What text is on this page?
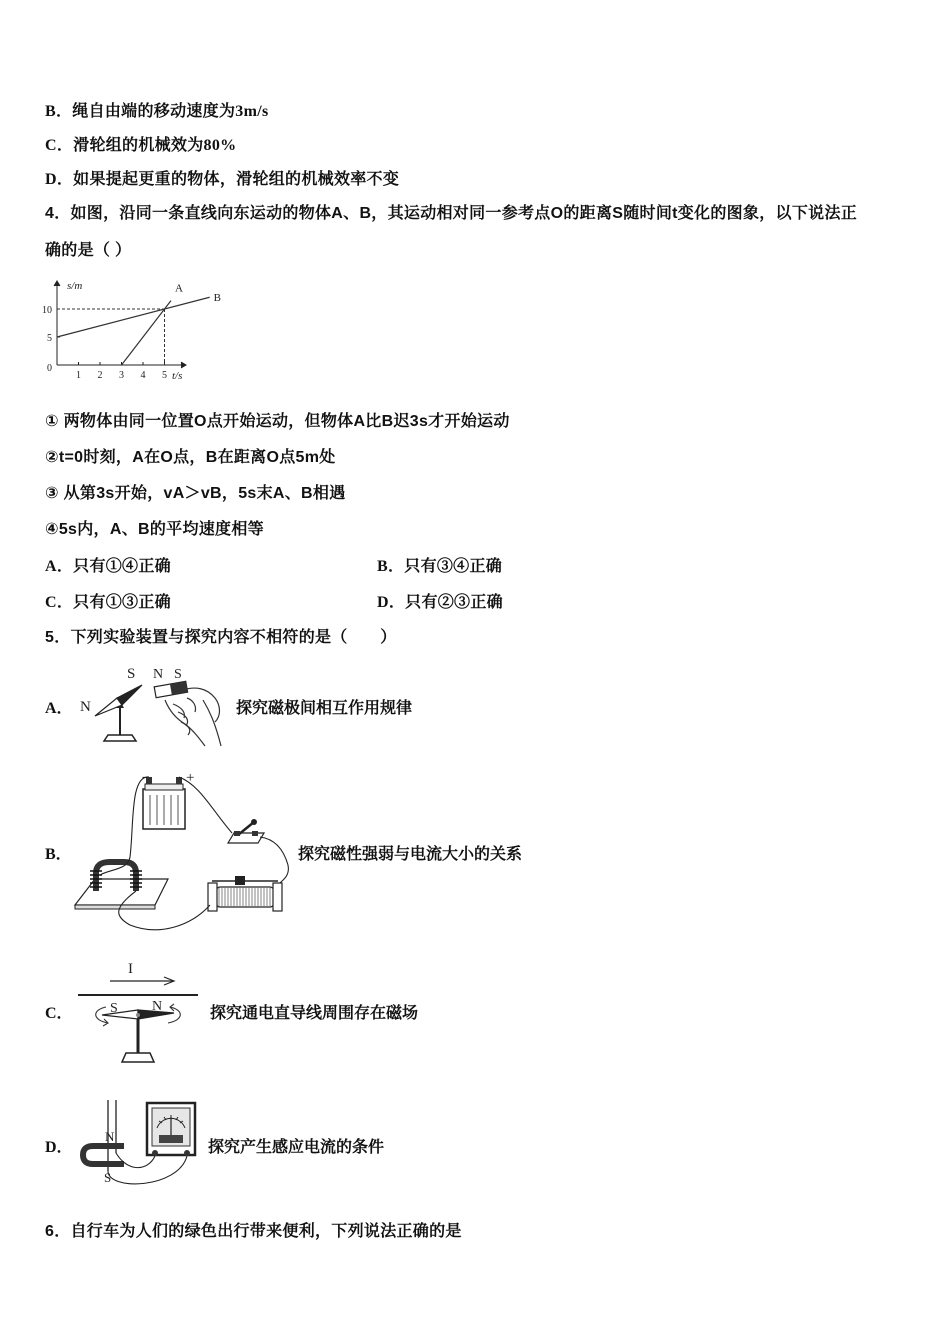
B．绳自由端的移动速度为3m/s
C．滑轮组的机械效为80%
D．如果提起更重的物体，滑轮组的机械效率不变
4．如图，沿同一条直线向东运动的物体A、B，其运动相对同一参考点O的距离S随时间t变化的图象，以下说法正
确的是（ ）
1 2 3 4 5
0
5
10
s/m
t/s
A
B
① 两物体由同一位置O点开始运动，但物体A比B迟3s才开始运动
②t=0时刻，A在O点，B在距离O点5m处
③ 从第3s开始，vA＞vB，5s末A、B相遇
④5s内，A、B的平均速度相等
A．只有①④正确	B．只有③④正确
C．只有①③正确	D．只有②③正确
5．下列实验装置与探究内容不相符的是（　　）
A． N
S N S
探究磁极间相互作用规律
B．
-	+
探究磁性强弱与电流大小的关系
C．
I
S N	探究通电直导线周围存在磁场
D．
N
S
探究产生感应电流的条件
6．自行车为人们的绿色出行带来便利，下列说法正确的是
